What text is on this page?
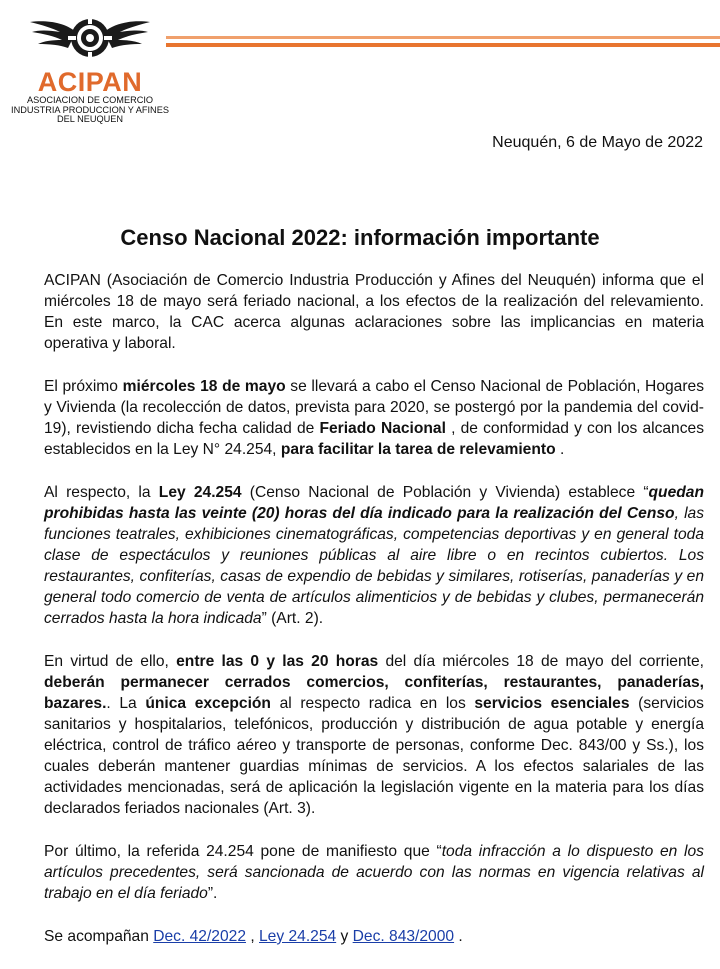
ACIPAN
ASOCIACION DE COMERCIO
INDUSTRIA PRODUCCION Y AFINES
DEL NEUQUEN
Neuquén, 6 de Mayo de 2022
Censo Nacional 2022: información importante

ACIPAN (Asociación de Comercio Industria Producción y Afines del Neuquén) informa que el miércoles 18 de mayo será feriado nacional, a los efectos de la realización del relevamiento. En este marco, la CAC acerca algunas aclaraciones sobre las implicancias en materia operativa y laboral.

El próximo miércoles 18 de mayo se llevará a cabo el Censo Nacional de Población, Hogares y Vivienda (la recolección de datos, prevista para 2020, se postergó por la pandemia del covid-19), revistiendo dicha fecha calidad de Feriado Nacional , de conformidad y con los alcances establecidos en la Ley N° 24.254, para facilitar la tarea de relevamiento .

Al respecto, la Ley 24.254 (Censo Nacional de Población y Vivienda) establece “quedan prohibidas hasta las veinte (20) horas del día indicado para la realización del Censo, las funciones teatrales, exhibiciones cinematográficas, competencias deportivas y en general toda clase de espectáculos y reuniones públicas al aire libre o en recintos cubiertos. Los restaurantes, confiterías, casas de expendio de bebidas y similares, rotiserías, panaderías y en general todo comercio de venta de artículos alimenticios y de bebidas y clubes, permanecerán cerrados hasta la hora indicada” (Art. 2).

En virtud de ello, entre las 0 y las 20 horas del día miércoles 18 de mayo del corriente, deberán permanecer cerrados comercios, confiterías, restaurantes, panaderías, bazares.. La única excepción al respecto radica en los servicios esenciales (servicios sanitarios y hospitalarios, telefónicos, producción y distribución de agua potable y energía eléctrica, control de tráfico aéreo y transporte de personas, conforme Dec. 843/00 y Ss.), los cuales deberán mantener guardias mínimas de servicios. A los efectos salariales de las actividades mencionadas, será de aplicación la legislación vigente en la materia para los días declarados feriados nacionales (Art. 3).

Por último, la referida 24.254 pone de manifiesto que “toda infracción a lo dispuesto en los artículos precedentes, será sancionada de acuerdo con las normas en vigencia relativas al trabajo en el día feriado”.

Se acompañan Dec. 42/2022 , Ley 24.254 y Dec. 843/2000 .
